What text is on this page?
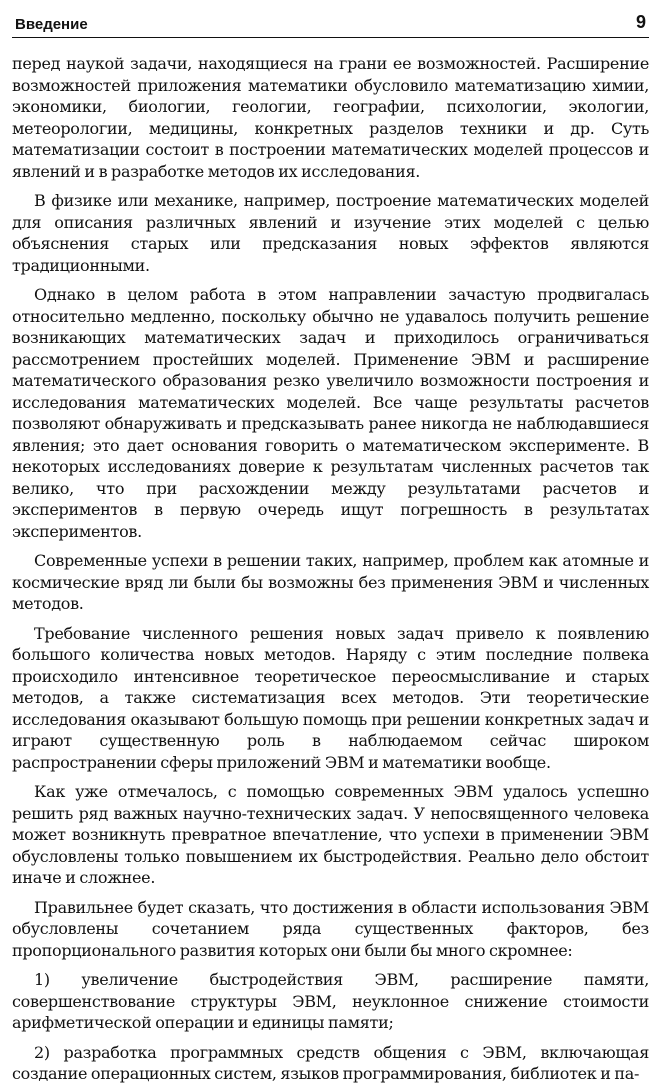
Введение	9

перед наукой задачи, находящиеся на грани ее возможностей. Расширение возможностей приложения математики обусловило математизацию химии, экономики, биологии, геологии, географии, психологии, экологии, метеорологии, медицины, конкретных разделов техники и др. Суть математизации состоит в построении математических моделей процессов и явлений и в разработке методов их исследования.

В физике или механике, например, построение математических моделей для описания различных явлений и изучение этих моделей с целью объяснения старых или предсказания новых эффектов являются традиционными.

Однако в целом работа в этом направлении зачастую продвигалась относительно медленно, поскольку обычно не удавалось получить решение возникающих математических задач и приходилось ограничиваться рассмотрением простейших моделей. Применение ЭВМ и расширение математического образования резко увеличило возможности построения и исследования математических моделей. Все чаще результаты расчетов позволяют обнаруживать и предсказывать ранее никогда не наблюдавшиеся явления; это дает основания говорить о математическом эксперименте. В некоторых исследованиях доверие к результатам численных расчетов так велико, что при расхождении между результатами расчетов и экспериментов в первую очередь ищут погрешность в результатах экспериментов.

Современные успехи в решении таких, например, проблем как атомные и космические вряд ли были бы возможны без применения ЭВМ и численных методов.

Требование численного решения новых задач привело к появлению большого количества новых методов. Наряду с этим последние полвека происходило интенсивное теоретическое переосмысливание и старых методов, а также систематизация всех методов. Эти теоретические исследования оказывают большую помощь при решении конкретных задач и играют существенную роль в наблюдаемом сейчас широком распространении сферы приложений ЭВМ и математики вообще.

Как уже отмечалось, с помощью современных ЭВМ удалось успешно решить ряд важных научно-технических задач. У непосвященного человека может возникнуть превратное впечатление, что успехи в применении ЭВМ обусловлены только повышением их быстродействия. Реально дело обстоит иначе и сложнее.

Правильнее будет сказать, что достижения в области использования ЭВМ обусловлены сочетанием ряда существенных факторов, без пропорционального развития которых они были бы много скромнее:

1) увеличение быстродействия ЭВМ, расширение памяти, совершенствование структуры ЭВМ, неуклонное снижение стоимости арифметической операции и единицы памяти;

2) разработка программных средств общения с ЭВМ, включающая создание операционных систем, языков программирования, библиотек и па-
